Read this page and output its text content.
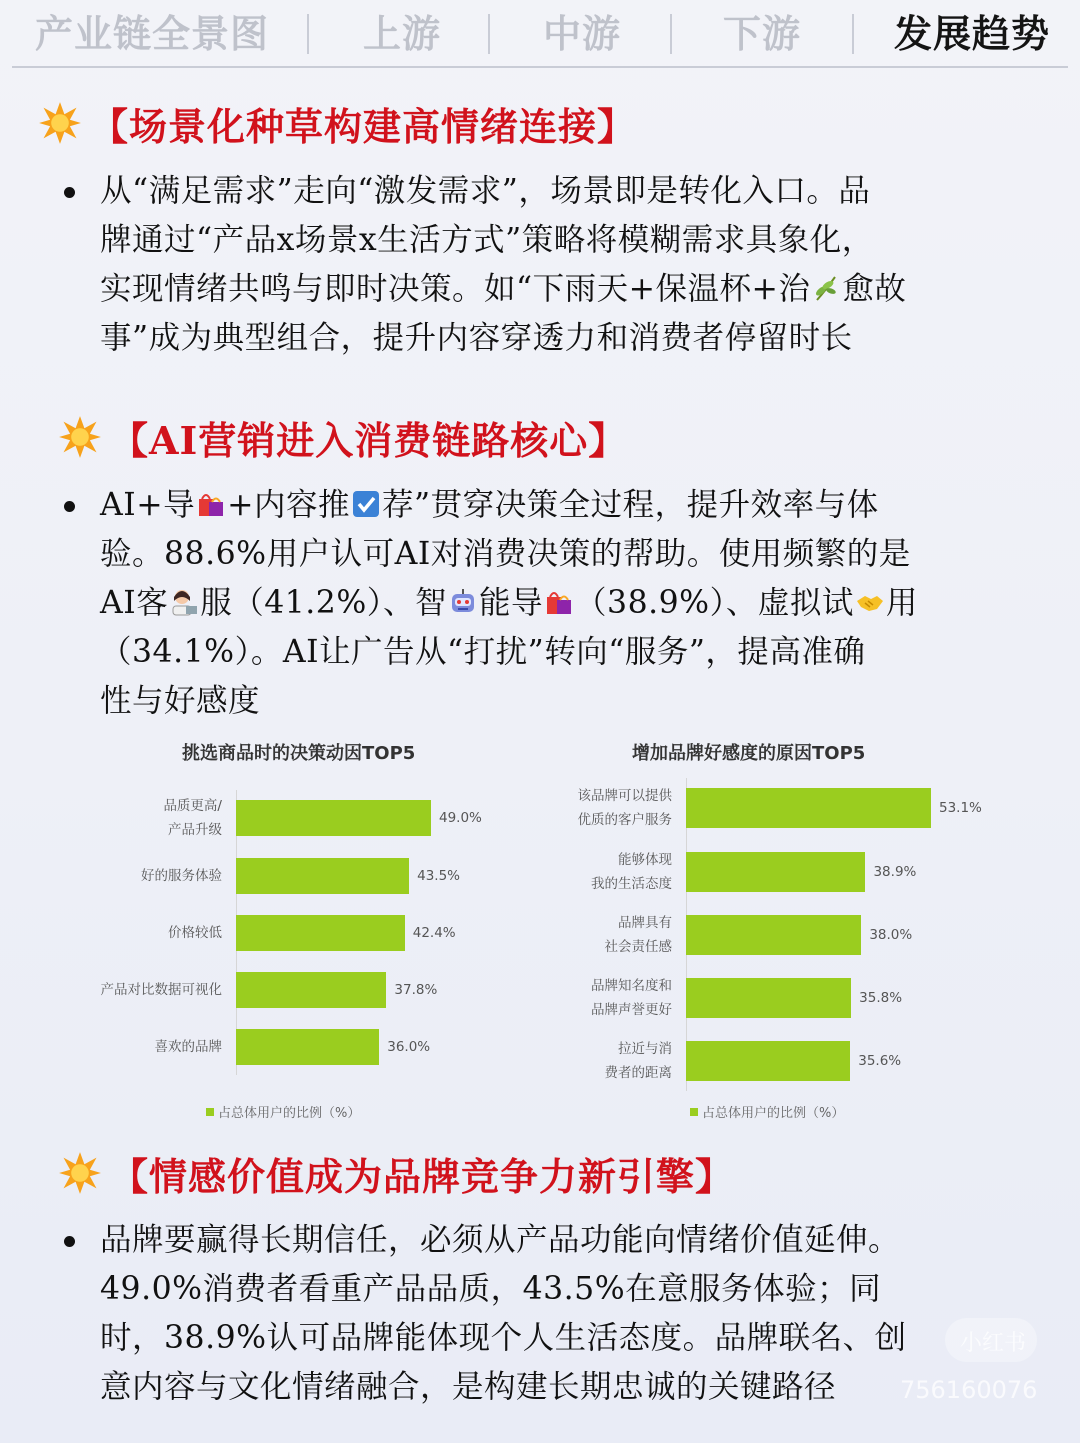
产业链全景图	上游	中游	下游	发展趋势
【场景化种草构建高情绪连接】
从“满足需求”走向“激发需求”，场景即是转化入口。品
牌通过“产品x场景x生活方式”策略将模糊需求具象化，
实现情绪共鸣与即时决策。如“下雨天+保温杯+治 愈故
事”成为典型组合，提升内容穿透力和消费者停留时长
【AI营销进入消费链路核心】
AI+导 +内容推 荐”贯穿决策全过程，提升效率与体
验。88.6%用户认可AI对消费决策的帮助。使用频繁的是
AI客 服（41.2%）、智 能导 （38.9%）、虚拟试 用
（34.1%）。AI让广告从“打扰”转向“服务”，提高准确
性与好感度
挑选商品时的决策动因TOP5
49.0%
品质更高/
产品升级
43.5%
好的服务体验
42.4%
价格较低
37.8%
产品对比数据可视化
36.0%
喜欢的品牌
占总体用户的比例（%）
增加品牌好感度的原因TOP5
53.1%
该品牌可以提供
优质的客户服务
38.9%
能够体现
我的生活态度
38.0%
品牌具有
社会责任感
35.8%
品牌知名度和
品牌声誉更好
35.6%
拉近与消
费者的距离
占总体用户的比例（%）
【情感价值成为品牌竞争力新引擎】
品牌要赢得长期信任，必须从产品功能向情绪价值延伸。
49.0%消费者看重产品品质，43.5%在意服务体验；同
时，38.9%认可品牌能体现个人生活态度。品牌联名、创
意内容与文化情绪融合，是构建长期忠诚的关键路径
小红书
756160076
